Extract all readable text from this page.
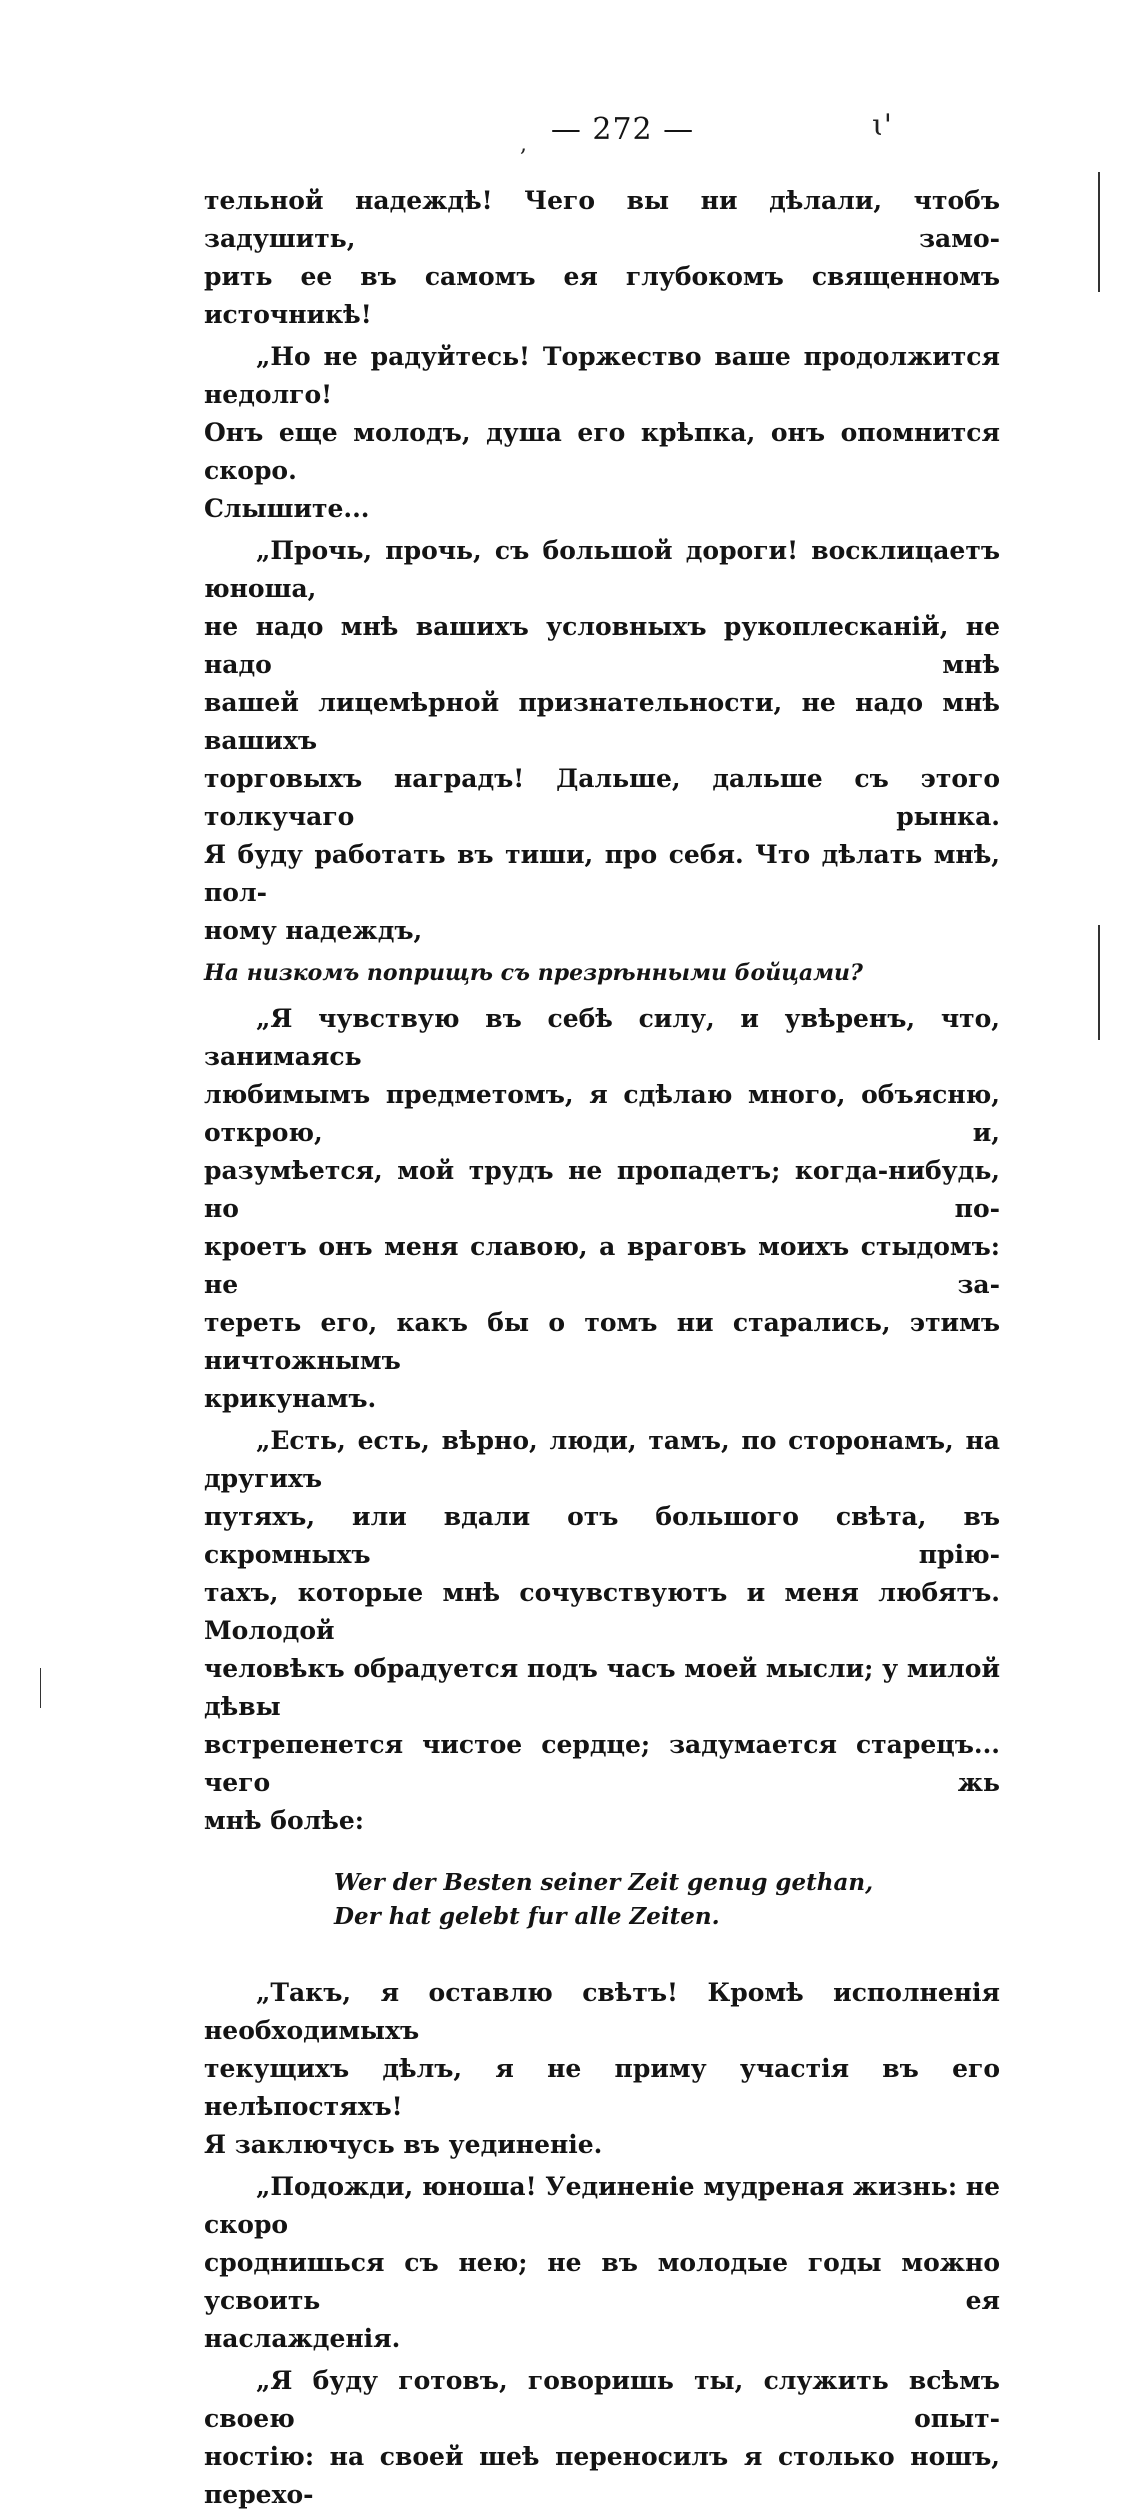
— 272 —	ɩ'
,

тельной надеждѣ! Чего вы ни дѣлали, чтобъ задушить, замо-
рить ее въ самомъ ея глубокомъ священномъ источникѣ!

„Но не радуйтесь! Торжество ваше продолжится недолго!
Онъ еще молодъ, душа его крѣпка, онъ опомнится скоро.
Слышите...

„Прочь, прочь, съ большой дороги! восклицаетъ юноша,
не надо мнѣ вашихъ условныхъ рукоплесканій, не надо мнѣ
вашей лицемѣрной признательности, не надо мнѣ вашихъ
торговыхъ наградъ! Дальше, дальше съ этого толкучаго рынка.
Я буду работать въ тиши, про себя. Что дѣлать мнѣ, пол-
ному надеждъ,

На низкомъ поприщѣ съ презрѣнными бойцами?

„Я чувствую въ себѣ силу, и увѣренъ, что, занимаясь
любимымъ предметомъ, я сдѣлаю много, объясню, открою, и,
разумѣется, мой трудъ не пропадетъ; когда-нибудь, но по-
кроетъ онъ меня славою, а враговъ моихъ стыдомъ: не за-
тереть его, какъ бы о томъ ни старались, этимъ ничтожнымъ
крикунамъ.

„Есть, есть, вѣрно, люди, тамъ, по сторонамъ, на другихъ
путяхъ, или вдали отъ большого свѣта, въ скромныхъ прію-
тахъ, которые мнѣ сочувствуютъ и меня любятъ. Молодой
человѣкъ обрадуется подъ часъ моей мысли; у милой дѣвы
встрепенется чистое сердце; задумается старецъ... чего жь
мнѣ болѣе:

Wer der Besten seiner Zeit genug gethan,
Der hat gelebt fur alle Zeiten.

„Такъ, я оставлю свѣтъ! Кромѣ исполненія необходимыхъ
текущихъ дѣлъ, я не приму участія въ его нелѣпостяхъ!
Я заключусь въ уединеніе.

„Подожди, юноша! Уединеніе мудреная жизнь: не скоро
сроднишься съ нею; не въ молодые годы можно усвоить ея
наслажденія.

„Я буду готовъ, говоришь ты, служить всѣмъ своею опыт-
ностію: на своей шеѣ переносилъ я столько ношъ, перехо-
